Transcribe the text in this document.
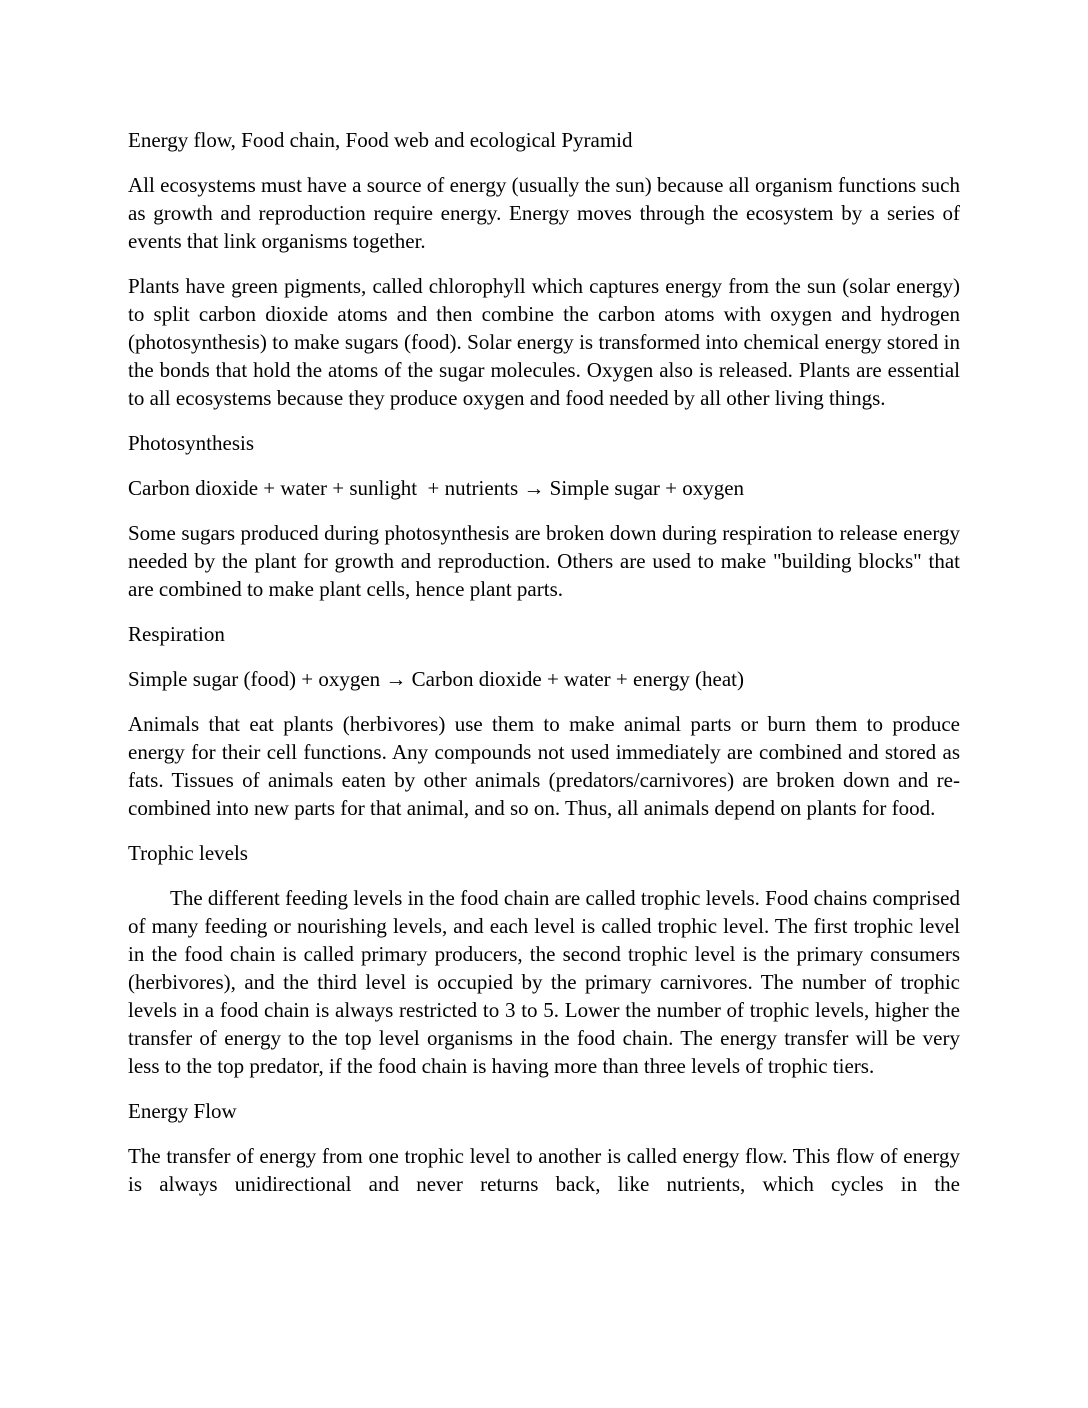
Energy flow, Food chain, Food web and ecological Pyramid

All ecosystems must have a source of energy (usually the sun) because all organism functions such as growth and reproduction require energy. Energy moves through the ecosystem by a series of events that link organisms together.

Plants have green pigments, called chlorophyll which captures energy from the sun (solar energy) to split carbon dioxide atoms and then combine the carbon atoms with oxygen and hydrogen (photosynthesis) to make sugars (food). Solar energy is transformed into chemical energy stored in the bonds that hold the atoms of the sugar molecules. Oxygen also is released. Plants are essential to all ecosystems because they produce oxygen and food needed by all other living things.

Photosynthesis

Carbon dioxide + water + sunlight  + nutrients → Simple sugar + oxygen

Some sugars produced during photosynthesis are broken down during respiration to release energy needed by the plant for growth and reproduction. Others are used to make "building blocks" that are combined to make plant cells, hence plant parts.

Respiration

Simple sugar (food) + oxygen → Carbon dioxide + water + energy (heat)

Animals that eat plants (herbivores) use them to make animal parts or burn them to produce energy for their cell functions. Any compounds not used immediately are combined and stored as fats. Tissues of animals eaten by other animals (predators/carnivores) are broken down and re-combined into new parts for that animal, and so on. Thus, all animals depend on plants for food.

Trophic levels

The different feeding levels in the food chain are called trophic levels. Food chains comprised of many feeding or nourishing levels, and each level is called trophic level. The first trophic level in the food chain is called primary producers, the second trophic level is the primary consumers (herbivores), and the third level is occupied by the primary carnivores. The number of trophic levels in a food chain is always restricted to 3 to 5. Lower the number of trophic levels, higher the transfer of energy to the top level organisms in the food chain. The energy transfer will be very less to the top predator, if the food chain is having more than three levels of trophic tiers.

Energy Flow

The transfer of energy from one trophic level to another is called energy flow. This flow of energy is always unidirectional and never returns back, like nutrients, which cycles in the
